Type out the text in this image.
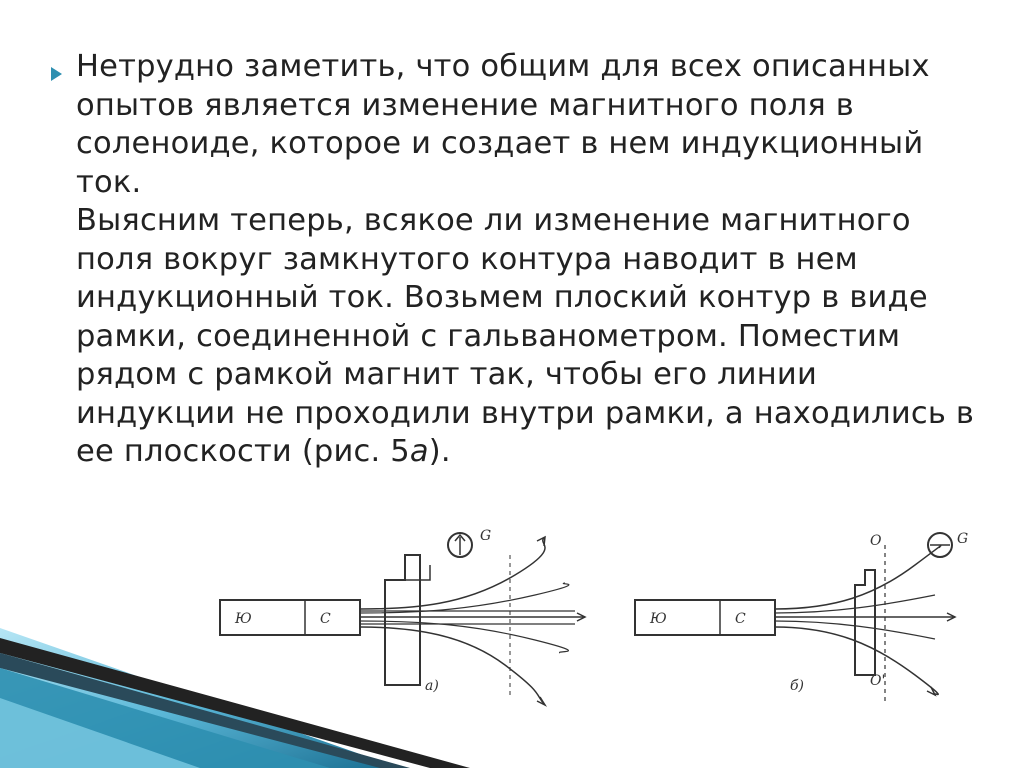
Нетрудно заметить, что общим для всех описанных опытов является изменение магнитного поля в соленоиде, которое и создает в нем индукционный ток.
Выясним теперь, всякое ли изменение магнитного поля вокруг замкнутого контура наводит в нем индукционный ток. Возьмем плоский контур в виде рамки, соединенной с гальванометром. Поместим рядом с рамкой магнит так, чтобы его линии индукции не проходили внутри рамки, а находились в ее плоскости (рис. 5а).
Ю	С
G
а)
Ю	С
О
О'
G
б)
